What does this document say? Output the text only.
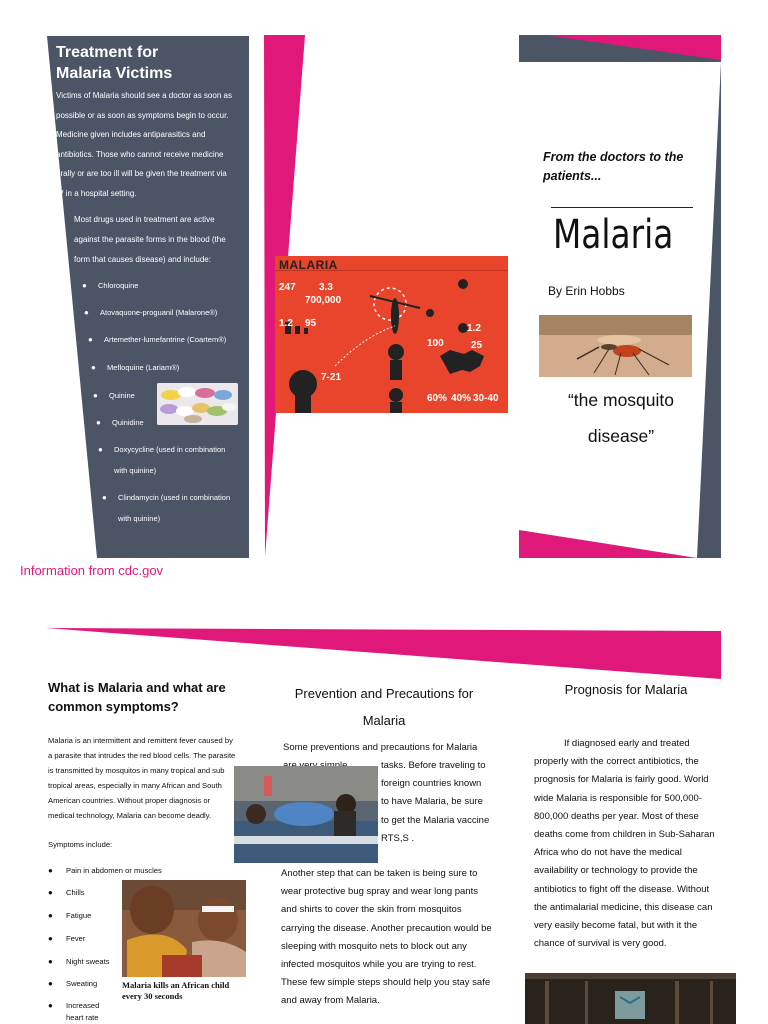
Treatment for
Malaria Victims
Victims of Malaria should see a doctor as soon as possible or as soon as symptoms begin to occur. Medicine given includes antiparasitics and antibiotics. Those who cannot receive medicine orally or are too ill will be given the treatment via IV in a hospital setting.
Most drugs used in treatment are active against the parasite forms in the blood (the form that causes disease) and include:
● Chloroquine
● Atovaquone-proguanil (Malarone®)
● Artemether-lumefantrine (Coartem®)
● Mefloquine (Lariam®)
● Quinine
● Quinidine
● Doxycycline (used in combination with quinine)
● Clindamycin (used in combination with quinine)
Information from cdc.gov
MALARIA
247 3.3
700,000
1.2 95
7-21
1.2
25
100
60% 40% 30-40
From the doctors to the patients...
Malaria
By Erin Hobbs
“the mosquito disease”
What is Malaria and what are common symptoms?
Malaria is an intermittent and remittent fever caused by a parasite that intrudes the red blood cells. The parasite is transmitted by mosquitos in many tropical and sub tropical areas, especially in many African and South American countries. Without proper diagnosis or medical technology, Malaria can become deadly.
Symptoms include:
● Pain in abdomen or muscles
● Chills
● Fatigue
● Fever
● Night sweats
● Sweating
● Increased heart rate
Malaria kills an African child every 30 seconds
Prevention and Precautions for Malaria
Some preventions and precautions for Malaria
tasks. Before traveling to foreign countries known to have Malaria, be sure to get the Malaria vaccine RTS,S .
Another step that can be taken is being sure to wear protective bug spray and wear long pants and shirts to cover the skin from mosquitos carrying the disease. Another precaution would be sleeping with mosquito nets to block out any infected mosquitos while you are trying to rest. These few simple steps should help you stay safe and away from Malaria.
Prognosis for Malaria
If diagnosed early and treated properly with the correct antibiotics, the prognosis for Malaria is fairly good. World wide Malaria is responsible for 500,000-800,000 deaths per year. Most of these deaths come from children in Sub-Saharan Africa who do not have the medical availability or technology to provide the antibiotics to fight off the disease. Without the antimalarial medicine, this disease can very easily become fatal, but with it the chance of survival is very good.
